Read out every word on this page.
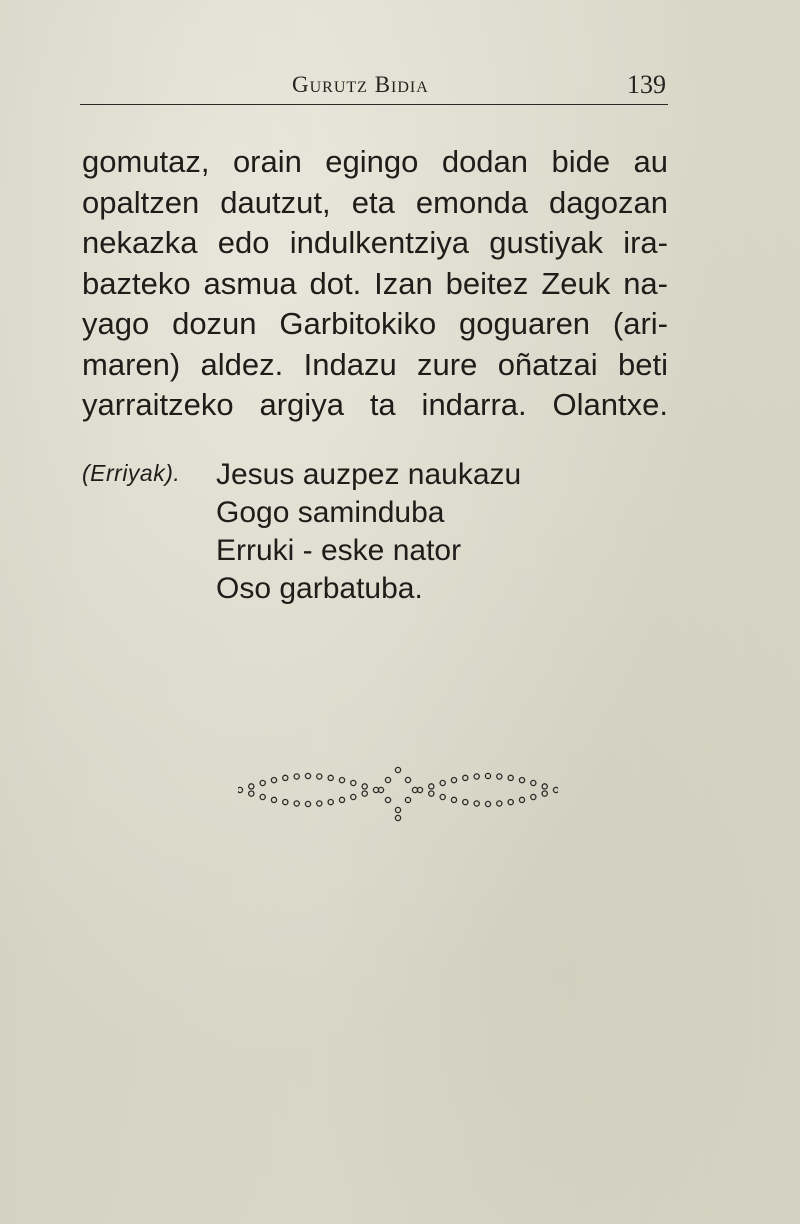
Gurutz Bidia	139

gomutaz, orain egingo dodan bide au
opaltzen dautzut, eta emonda dagozan
nekazka edo indulkentziya gustiyak ira-
bazteko asmua dot. Izan beitez Zeuk na-
yago dozun Garbitokiko goguaren (ari-
maren) aldez. Indazu zure oñatzai beti
yarraitzeko argiya ta indarra. Olantxe.

(Erriyak). Jesus auzpez naukazu
Gogo saminduba
Erruki - eske nator
Oso garbatuba.
